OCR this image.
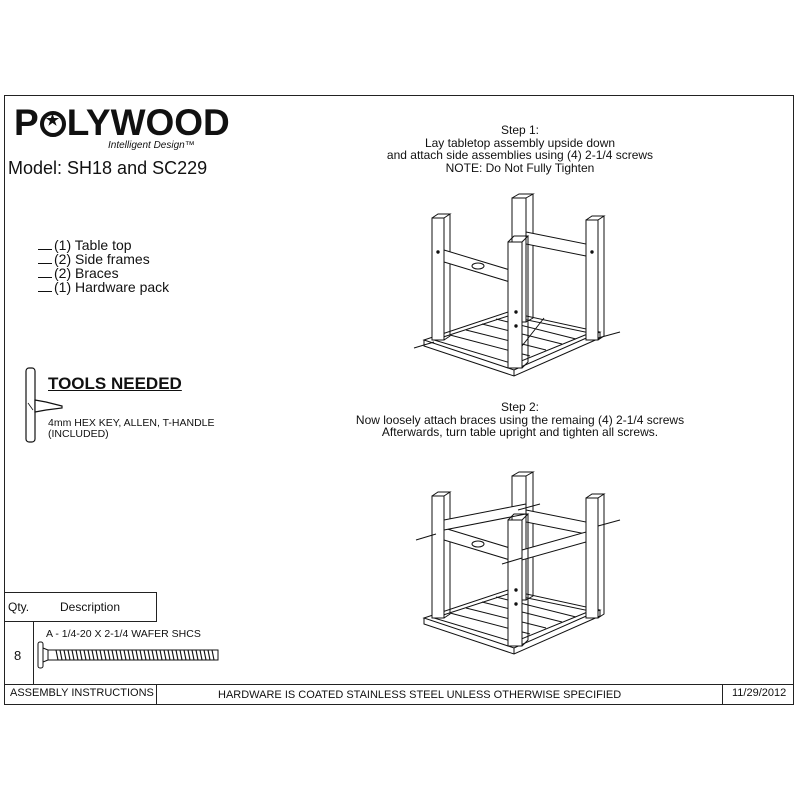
P★ LYWOOD
Intelligent Design™
Model: SH18 and SC229
(1) Table top
(2) Side frames
(2) Braces
(1) Hardware pack
TOOLS NEEDED
4mm HEX KEY, ALLEN, T-HANDLE (INCLUDED)
Step 1:
Lay tabletop assembly upside down
and attach side assemblies using (4) 2-1/4 screws
NOTE: Do Not Fully Tighten
Step 2:
Now loosely attach braces using the remaing (4) 2-1/4 screws
Afterwards, turn table upright and tighten all screws.
Qty.	Description
8
A - 1/4-20 X 2-1/4 WAFER SHCS
ASSEMBLY INSTRUCTIONS	HARDWARE IS COATED STAINLESS STEEL UNLESS OTHERWISE SPECIFIED	11/29/2012
